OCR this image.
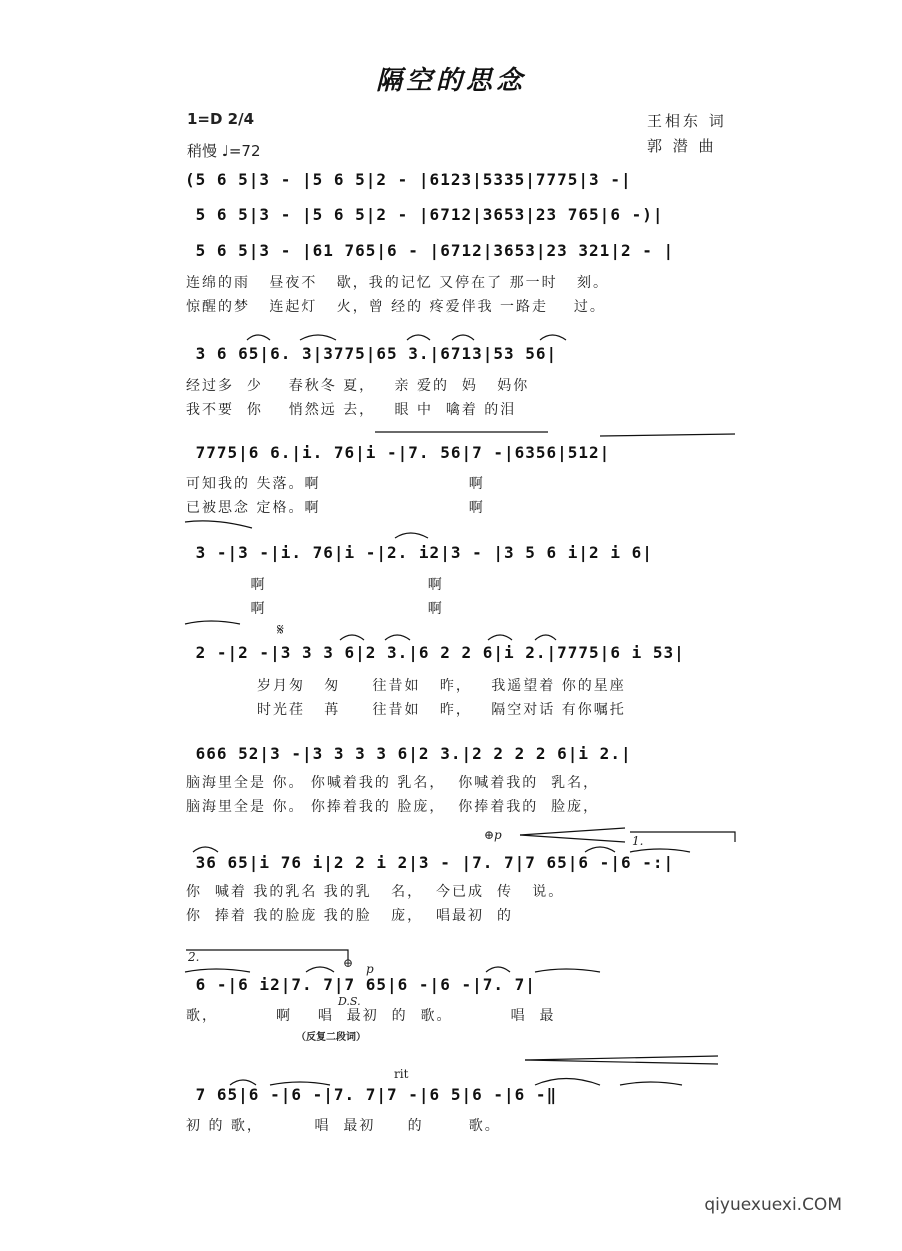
隔空的思念
1=D 2/4
稍慢 ♩=72
王相东 词
郭 潜 曲
(5 6 5|3 - |5 6 5|2 - |6123|5335|7775|3 -|
5 6 5|3 - |5 6 5|2 - |6712|3653|23 765|6 -)|
5 6 5|3 - |61 765|6 - |6712|3653|23 321|2 - |
连绵的雨   昼夜不   歇，我的记忆 又停在了 那一时   刻。
惊醒的梦   连起灯   火，曾 经的 疼爱伴我 一路走    过。
3 6 65|6. 3|3775|65 3.|6713|53 56|
经过多  少    春秋冬 夏，   亲 爱的  妈   妈你
我不要  你    悄然远 去，   眼 中  噙着 的泪
7775|6 6.|i. 76|i -|7. 56|7 -|6356|512|
可知我的 失落。啊                       啊
已被思念 定格。啊                       啊
3 -|3 -|i. 76|i -|2. i2|3 - |3 5 6 i|2 i 6|
啊                         啊
啊                         啊
𝄋
2 -|2 -|3 3 3 6|2 3.|6 2 2 6|i 2.|7775|6 i 53|
岁月匆   匆     往昔如   昨，   我遥望着 你的星座
时光荏   苒     往昔如   昨，   隔空对话 有你嘱托
666 52|3 -|3 3 3 3 6|2 3.|2 2 2 2 6|i 2.|
脑海里全是 你。 你喊着我的 乳名，  你喊着我的  乳名，
脑海里全是 你。 你捧着我的 脸庞，  你捧着我的  脸庞，
⊕p	1.
36 65|i 76 i|2 2 i 2|3 - |7. 7|7 65|6 -|6 -:|
你  喊着 我的乳名 我的乳   名，  今已成  传   说。
你  捧着 我的脸庞 我的脸   庞，  唱最初  的
2.	⊕ p
6 -|6 i2|7. 7|7 65|6 -|6 -|7. 7|
D.S.
歌，         啊    唱  最初  的  歌。         唱  最
（反复二段词）
rit
7 65|6 -|6 -|7. 7|7 -|6 5|6 -|6 -‖
初 的 歌，        唱  最初     的       歌。
qiyuexuexi.COM
